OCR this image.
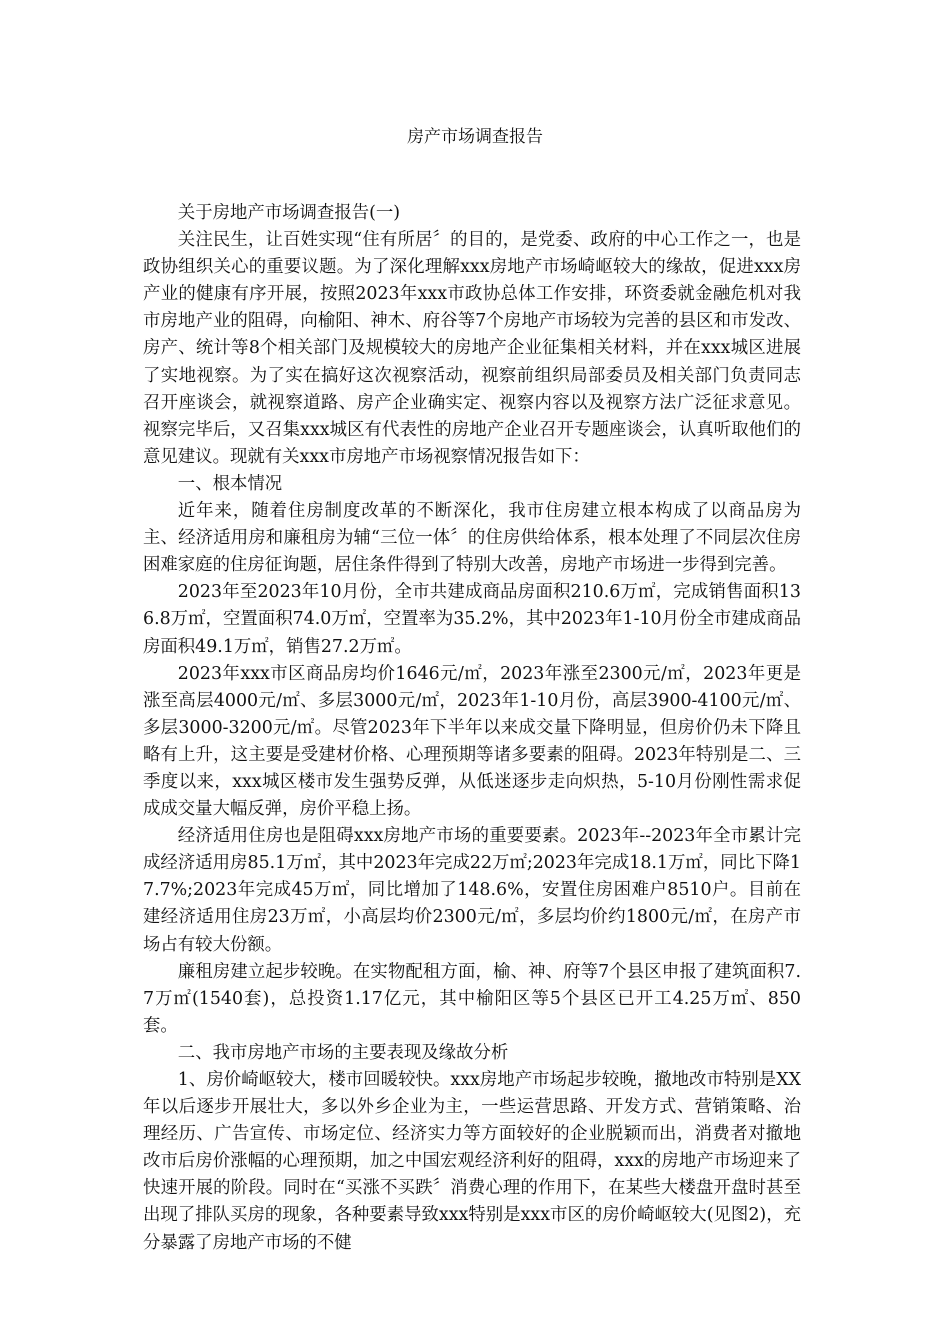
房产市场调查报告

关于房地产市场调查报告(一)

关注民生，让百姓实现“住有所居〞的目的，是党委、政府的中心工作之一，也是政协组织关心的重要议题。为了深化理解xxx房地产市场崎岖较大的缘故，促进xxx房产业的健康有序开展，按照2023年xxx市政协总体工作安排，环资委就金融危机对我市房地产业的阻碍，向榆阳、神木、府谷等7个房地产市场较为完善的县区和市发改、房产、统计等8个相关部门及规模较大的房地产企业征集相关材料，并在xxx城区进展了实地视察。为了实在搞好这次视察活动，视察前组织局部委员及相关部门负责同志召开座谈会，就视察道路、房产企业确实定、视察内容以及视察方法广泛征求意见。视察完毕后，又召集xxx城区有代表性的房地产企业召开专题座谈会，认真听取他们的意见建议。现就有关xxx市房地产市场视察情况报告如下：

一、根本情况

近年来，随着住房制度改革的不断深化，我市住房建立根本构成了以商品房为主、经济适用房和廉租房为辅“三位一体〞的住房供给体系，根本处理了不同层次住房困难家庭的住房征询题，居住条件得到了特别大改善，房地产市场进一步得到完善。

2023年至2023年10月份，全市共建成商品房面积210.6万㎡，完成销售面积136.8万㎡，空置面积74.0万㎡，空置率为35.2%，其中2023年1-10月份全市建成商品房面积49.1万㎡，销售27.2万㎡。

2023年xxx市区商品房均价1646元/㎡，2023年涨至2300元/㎡，2023年更是涨至高层4000元/㎡、多层3000元/㎡，2023年1-10月份，高层3900-4100元/㎡、多层3000-3200元/㎡。尽管2023年下半年以来成交量下降明显，但房价仍未下降且略有上升，这主要是受建材价格、心理预期等诸多要素的阻碍。2023年特别是二、三季度以来，xxx城区楼市发生强势反弹，从低迷逐步走向炽热，5-10月份刚性需求促成成交量大幅反弹，房价平稳上扬。

经济适用住房也是阻碍xxx房地产市场的重要要素。2023年--2023年全市累计完成经济适用房85.1万㎡，其中2023年完成22万㎡;2023年完成18.1万㎡，同比下降17.7%;2023年完成45万㎡，同比增加了148.6%，安置住房困难户8510户。目前在建经济适用住房23万㎡，小高层均价2300元/㎡，多层均价约1800元/㎡，在房产市场占有较大份额。

廉租房建立起步较晚。在实物配租方面，榆、神、府等7个县区申报了建筑面积7.7万㎡(1540套)，总投资1.17亿元，其中榆阳区等5个县区已开工4.25万㎡、850套。

二、我市房地产市场的主要表现及缘故分析

1、房价崎岖较大，楼市回暖较快。xxx房地产市场起步较晚，撤地改市特别是XX年以后逐步开展壮大，多以外乡企业为主，一些运营思路、开发方式、营销策略、治理经历、广告宣传、市场定位、经济实力等方面较好的企业脱颖而出，消费者对撤地改市后房价涨幅的心理预期，加之中国宏观经济利好的阻碍，xxx的房地产市场迎来了快速开展的阶段。同时在“买涨不买跌〞消费心理的作用下，在某些大楼盘开盘时甚至出现了排队买房的现象，各种要素导致xxx特别是xxx市区的房价崎岖较大(见图2)，充分暴露了房地产市场的不健
